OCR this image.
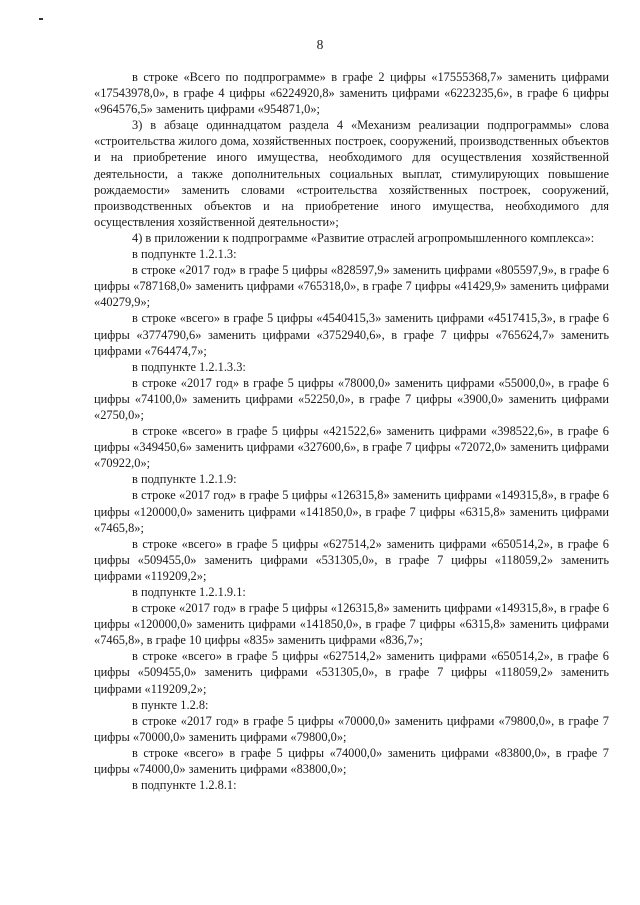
8

в строке «Всего по подпрограмме» в графе 2 цифры «17555368,7» заменить цифрами «17543978,0», в графе 4 цифры «6224920,8» заменить цифрами «6223235,6», в графе 6 цифры «964576,5» заменить цифрами «954871,0»;

3) в абзаце одиннадцатом раздела 4 «Механизм реализации подпрограммы» слова «строительства жилого дома, хозяйственных построек, сооружений, производственных объектов и на приобретение иного имущества, необходимого для осуществления хозяйственной деятельности, а также дополнительных социальных выплат, стимулирующих повышение рождаемости» заменить словами «строительства хозяйственных построек, сооружений, производственных объектов и на приобретение иного имущества, необходимого для осуществления хозяйственной деятельности»;

4) в приложении к подпрограмме «Развитие отраслей агропромышленного комплекса»:

в подпункте 1.2.1.3:

в строке «2017 год» в графе 5 цифры «828597,9» заменить цифрами «805597,9», в графе 6 цифры «787168,0» заменить цифрами «765318,0», в графе 7 цифры «41429,9» заменить цифрами «40279,9»;

в строке «всего» в графе 5 цифры «4540415,3» заменить цифрами «4517415,3», в графе 6 цифры «3774790,6» заменить цифрами «3752940,6», в графе 7 цифры «765624,7» заменить цифрами «764474,7»;

в подпункте 1.2.1.3.3:

в строке «2017 год» в графе 5 цифры «78000,0» заменить цифрами «55000,0», в графе 6 цифры «74100,0» заменить цифрами «52250,0», в графе 7 цифры «3900,0» заменить цифрами «2750,0»;

в строке «всего» в графе 5 цифры «421522,6» заменить цифрами «398522,6», в графе 6 цифры «349450,6» заменить цифрами «327600,6», в графе 7 цифры «72072,0» заменить цифрами «70922,0»;

в подпункте 1.2.1.9:

в строке «2017 год» в графе 5 цифры «126315,8» заменить цифрами «149315,8», в графе 6 цифры «120000,0» заменить цифрами «141850,0», в графе 7 цифры «6315,8» заменить цифрами «7465,8»;

в строке «всего» в графе 5 цифры «627514,2» заменить цифрами «650514,2», в графе 6 цифры «509455,0» заменить цифрами «531305,0», в графе 7 цифры «118059,2» заменить цифрами «119209,2»;

в подпункте 1.2.1.9.1:

в строке «2017 год» в графе 5 цифры «126315,8» заменить цифрами «149315,8», в графе 6 цифры «120000,0» заменить цифрами «141850,0», в графе 7 цифры «6315,8» заменить цифрами «7465,8», в графе 10 цифры «835» заменить цифрами «836,7»;

в строке «всего» в графе 5 цифры «627514,2» заменить цифрами «650514,2», в графе 6 цифры «509455,0» заменить цифрами «531305,0», в графе 7 цифры «118059,2» заменить цифрами «119209,2»;

в пункте 1.2.8:

в строке «2017 год» в графе 5 цифры «70000,0» заменить цифрами «79800,0», в графе 7 цифры «70000,0» заменить цифрами «79800,0»;

в строке «всего» в графе 5 цифры «74000,0» заменить цифрами «83800,0», в графе 7 цифры «74000,0» заменить цифрами «83800,0»;

в подпункте 1.2.8.1:
